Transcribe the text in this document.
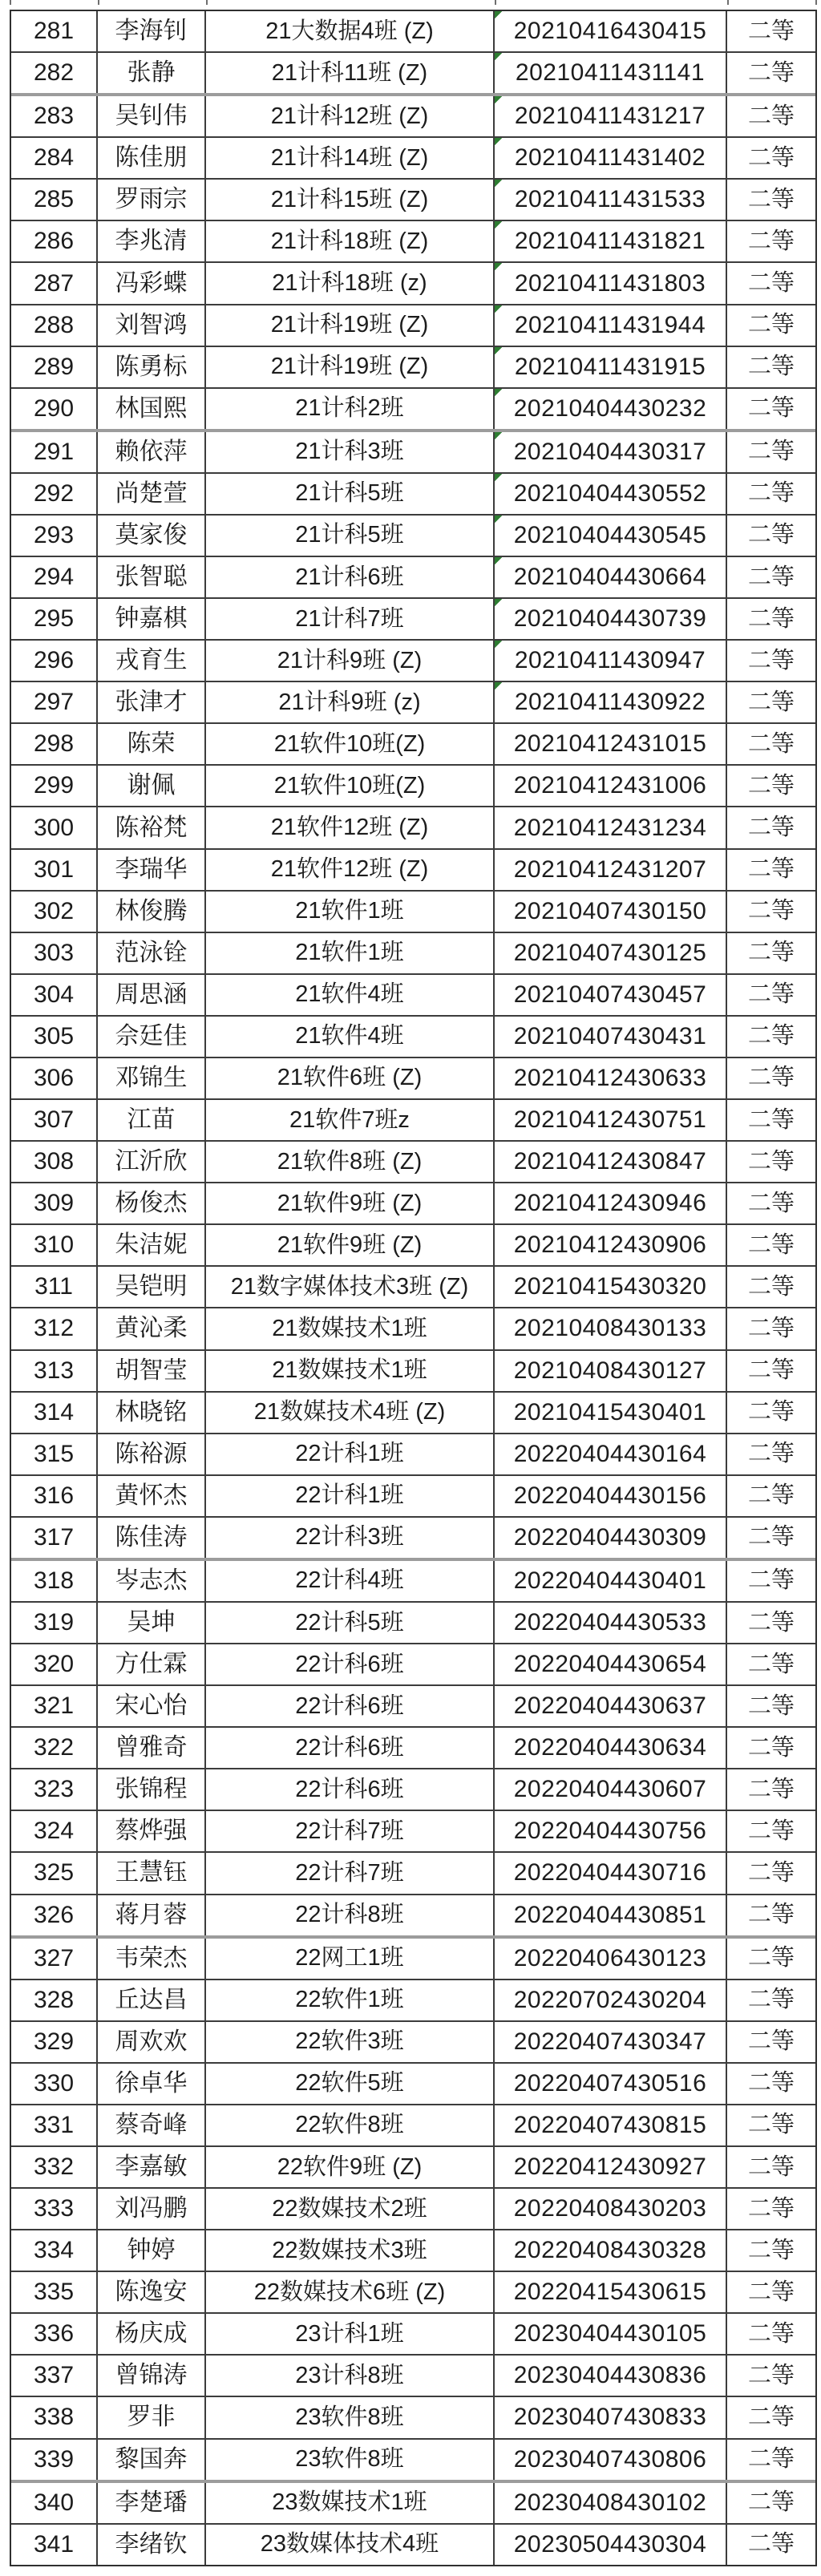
281	李海钊	21大数据4班 (Z)	20210416430415	二等
282	张静	21计科11班 (Z)	20210411431141	二等
283	吴钊伟	21计科12班 (Z)	20210411431217	二等
284	陈佳朋	21计科14班 (Z)	20210411431402	二等
285	罗雨宗	21计科15班 (Z)	20210411431533	二等
286	李兆清	21计科18班 (Z)	20210411431821	二等
287	冯彩蝶	21计科18班 (z)	20210411431803	二等
288	刘智鸿	21计科19班 (Z)	20210411431944	二等
289	陈勇标	21计科19班 (Z)	20210411431915	二等
290	林国熙	21计科2班	20210404430232	二等
291	赖依萍	21计科3班	20210404430317	二等
292	尚楚萱	21计科5班	20210404430552	二等
293	莫家俊	21计科5班	20210404430545	二等
294	张智聪	21计科6班	20210404430664	二等
295	钟嘉棋	21计科7班	20210404430739	二等
296	戎育生	21计科9班 (Z)	20210411430947	二等
297	张津才	21计科9班 (z)	20210411430922	二等
298	陈荣	21软件10班(Z)	20210412431015	二等
299	谢佩	21软件10班(Z)	20210412431006	二等
300	陈裕梵	21软件12班 (Z)	20210412431234	二等
301	李瑞华	21软件12班 (Z)	20210412431207	二等
302	林俊腾	21软件1班	20210407430150	二等
303	范泳铨	21软件1班	20210407430125	二等
304	周思涵	21软件4班	20210407430457	二等
305	佘廷佳	21软件4班	20210407430431	二等
306	邓锦生	21软件6班 (Z)	20210412430633	二等
307	江苗	21软件7班z	20210412430751	二等
308	江沂欣	21软件8班 (Z)	20210412430847	二等
309	杨俊杰	21软件9班 (Z)	20210412430946	二等
310	朱洁妮	21软件9班 (Z)	20210412430906	二等
311	吴铠明	21数字媒体技术3班 (Z)	20210415430320	二等
312	黄沁柔	21数媒技术1班	20210408430133	二等
313	胡智莹	21数媒技术1班	20210408430127	二等
314	林晓铭	21数媒技术4班 (Z)	20210415430401	二等
315	陈裕源	22计科1班	20220404430164	二等
316	黄怀杰	22计科1班	20220404430156	二等
317	陈佳涛	22计科3班	20220404430309	二等
318	岑志杰	22计科4班	20220404430401	二等
319	吴坤	22计科5班	20220404430533	二等
320	方仕霖	22计科6班	20220404430654	二等
321	宋心怡	22计科6班	20220404430637	二等
322	曾雅奇	22计科6班	20220404430634	二等
323	张锦程	22计科6班	20220404430607	二等
324	蔡烨强	22计科7班	20220404430756	二等
325	王慧钰	22计科7班	20220404430716	二等
326	蒋月蓉	22计科8班	20220404430851	二等
327	韦荣杰	22网工1班	20220406430123	二等
328	丘达昌	22软件1班	20220702430204	二等
329	周欢欢	22软件3班	20220407430347	二等
330	徐卓华	22软件5班	20220407430516	二等
331	蔡奇峰	22软件8班	20220407430815	二等
332	李嘉敏	22软件9班 (Z)	20220412430927	二等
333	刘冯鹏	22数媒技术2班	20220408430203	二等
334	钟婷	22数媒技术3班	20220408430328	二等
335	陈逸安	22数媒技术6班 (Z)	20220415430615	二等
336	杨庆成	23计科1班	20230404430105	二等
337	曾锦涛	23计科8班	20230404430836	二等
338	罗非	23软件8班	20230407430833	二等
339	黎国奔	23软件8班	20230407430806	二等
340	李楚璠	23数媒技术1班	20230408430102	二等
341	李绪钦	23数媒体技术4班	20230504430304	二等
